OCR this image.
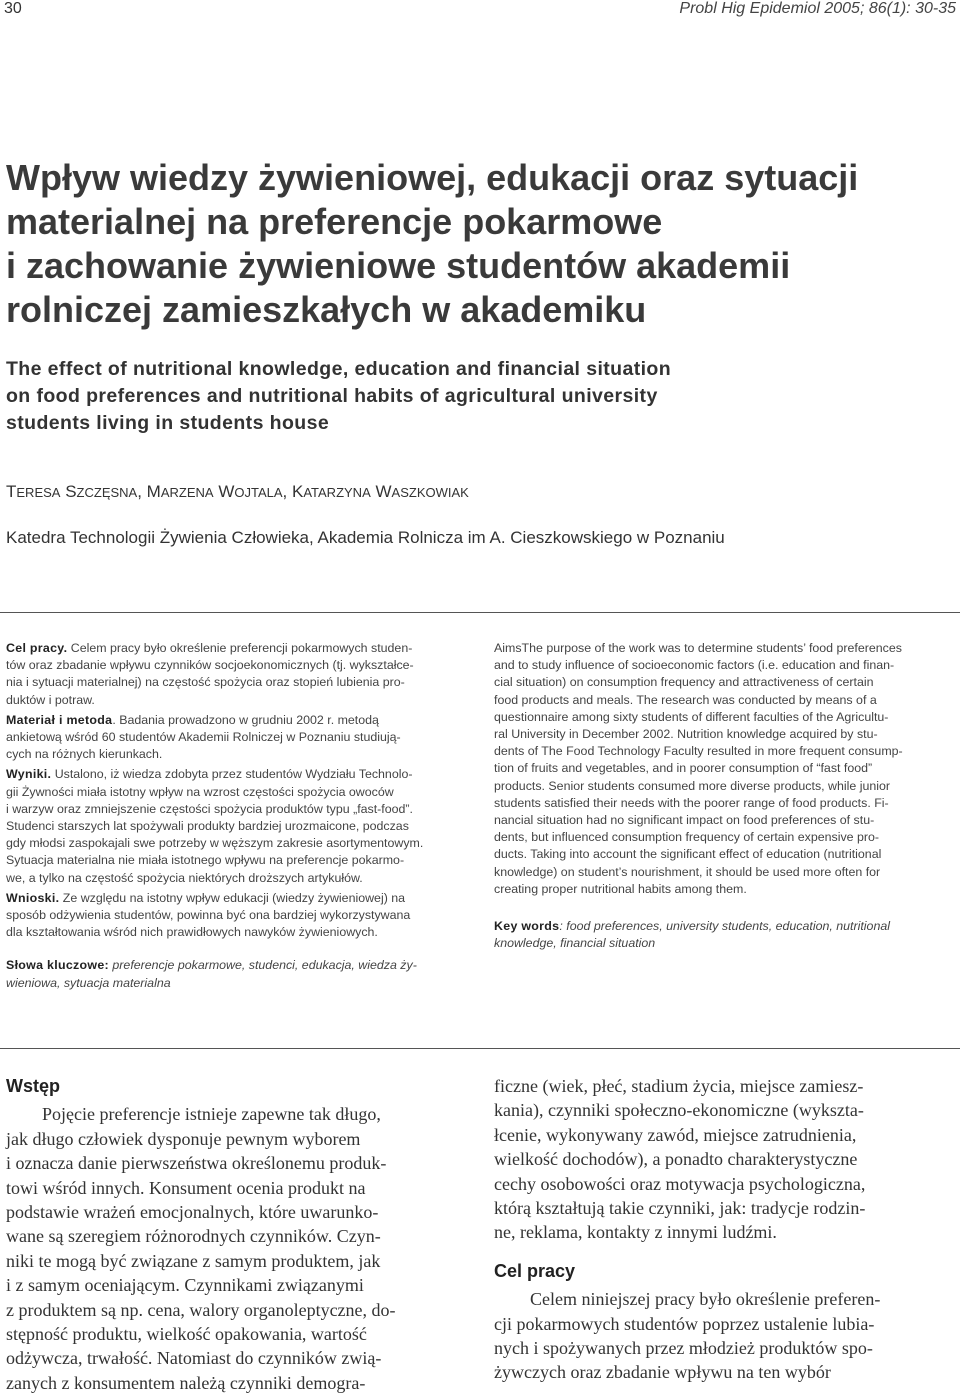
30	Probl Hig Epidemiol 2005; 86(1): 30-35
Wpływ wiedzy żywieniowej, edukacji oraz sytuacji
materialnej na preferencje pokarmowe
i zachowanie żywieniowe studentów akademii
rolniczej zamieszkałych w akademiku
The effect of nutritional knowledge, education and financial situation
on food preferences and nutritional habits of agricultural university
students living in students house
TERESA SZCZĘSNA, MARZENA WOJTALA, KATARZYNA WASZKOWIAK
Katedra Technologii Żywienia Człowieka, Akademia Rolnicza im A. Cieszkowskiego w Poznaniu

Cel pracy. Celem pracy było określenie preferencji pokarmowych studen-
tów oraz zbadanie wpływu czynników socjoekonomicznych (tj. wykształce-
nia i sytuacji materialnej) na częstość spożycia oraz stopień lubienia pro-
duktów i potraw.

Materiał i metoda. Badania prowadzono w grudniu 2002 r. metodą
ankietową wśród 60 studentów Akademii Rolniczej w Poznaniu studiują-
cych na różnych kierunkach.

Wyniki. Ustalono, iż wiedza zdobyta przez studentów Wydziału Technolo-
gii Żywności miała istotny wpływ na wzrost częstości spożycia owoców
i warzyw oraz zmniejszenie częstości spożycia produktów typu „fast-food”.
Studenci starszych lat spożywali produkty bardziej urozmaicone, podczas
gdy młodsi zaspokajali swe potrzeby w węższym zakresie asortymentowym.
Sytuacja materialna nie miała istotnego wpływu na preferencje pokarmo-
we, a tylko na częstość spożycia niektórych droższych artykułów.

Wnioski. Ze względu na istotny wpływ edukacji (wiedzy żywieniowej) na
sposób odżywienia studentów, powinna być ona bardziej wykorzystywana
dla kształtowania wśród nich prawidłowych nawyków żywieniowych.

Słowa kluczowe: preferencje pokarmowe, studenci, edukacja, wiedza ży-
wieniowa, sytuacja materialna

AimsThe purpose of the work was to determine students’ food preferences
and to study influence of socioeconomic factors (i.e. education and finan-
cial situation) on consumption frequency and attractiveness of certain
food products and meals. The research was conducted by means of a
questionnaire among sixty students of different faculties of the Agricultu-
ral University in December 2002. Nutrition knowledge acquired by stu-
dents of The Food Technology Faculty resulted in more frequent consump-
tion of fruits and vegetables, and in poorer consumption of “fast food”
products. Senior students consumed more diverse products, while junior
students satisfied their needs with the poorer range of food products. Fi-
nancial situation had no significant impact on food preferences of stu-
dents, but influenced consumption frequency of certain expensive pro-
ducts. Taking into account the significant effect of education (nutritional
knowledge) on student’s nourishment, it should be used more often for
creating proper nutritional habits among them.

Key words: food preferences, university students, education, nutritional
knowledge, financial situation

Wstęp
Pojęcie preferencje istnieje zapewne tak długo,
jak długo człowiek dysponuje pewnym wyborem
i oznacza danie pierwszeństwa określonemu produk-
towi wśród innych. Konsument ocenia produkt na
podstawie wrażeń emocjonalnych, które uwarunko-
wane są szeregiem różnorodnych czynników. Czyn-
niki te mogą być związane z samym produktem, jak
i z samym oceniającym. Czynnikami związanymi
z produktem są np. cena, walory organoleptyczne, do-
stępność produktu, wielkość opakowania, wartość
odżywcza, trwałość. Natomiast do czynników zwią-
zanych z konsumentem należą czynniki demogra-
ficzne (wiek, płeć, stadium życia, miejsce zamiesz-
kania), czynniki społeczno-ekonomiczne (wykszta-
łcenie, wykonywany zawód, miejsce zatrudnienia,
wielkość dochodów), a ponadto charakterystyczne
cechy osobowości oraz motywacja psychologiczna,
którą kształtują takie czynniki, jak: tradycje rodzin-
ne, reklama, kontakty z innymi ludźmi.
Cel pracy
Celem niniejszej pracy było określenie preferen-
cji pokarmowych studentów poprzez ustalenie lubia-
nych i spożywanych przez młodzież produktów spo-
żywczych oraz zbadanie wpływu na ten wybór
